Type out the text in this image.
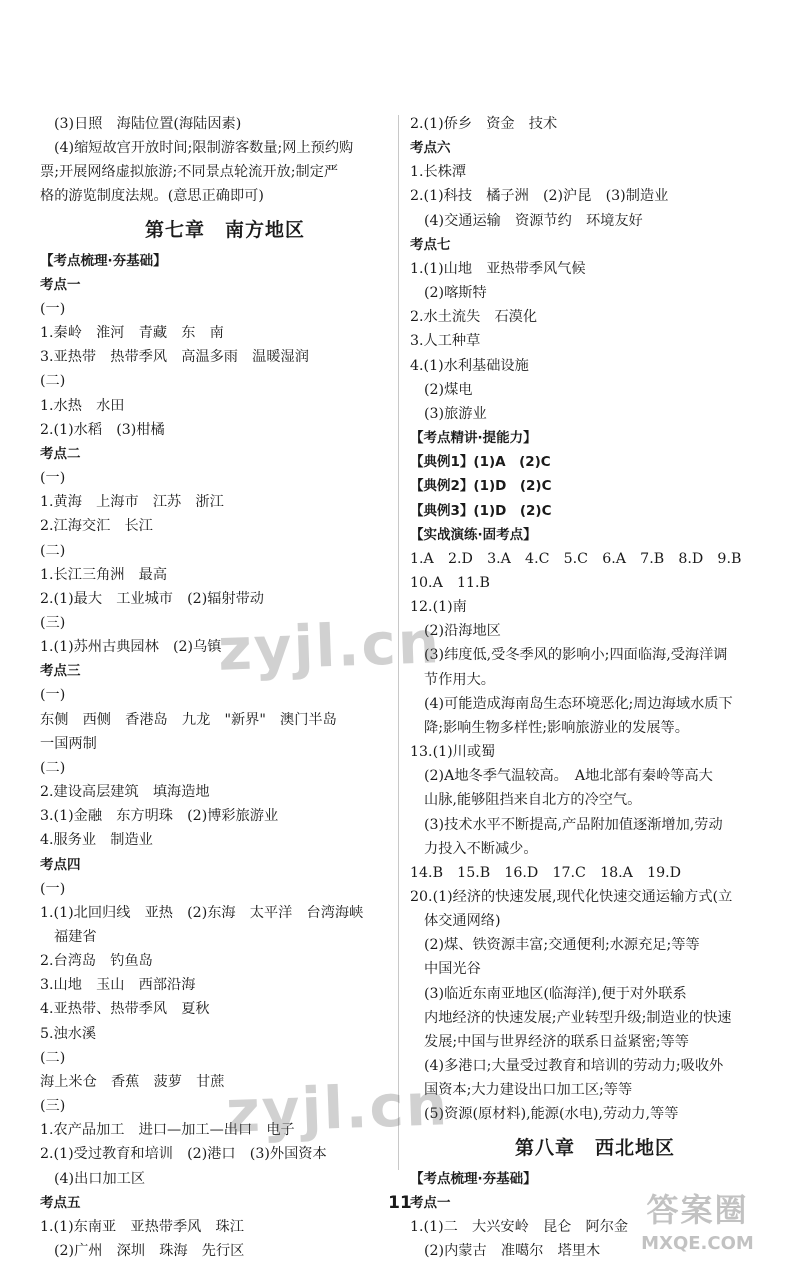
(3)日照　海陆位置(海陆因素)
(4)缩短故宫开放时间;限制游客数量;网上预约购
票;开展网络虚拟旅游;不同景点轮流开放;制定严
格的游览制度法规。(意思正确即可)
第七章　南方地区
【考点梳理·夯基础】
考点一
(一)
1.秦岭　淮河　青藏　东　南
3.亚热带　热带季风　高温多雨　温暖湿润
(二)
1.水热　水田
2.(1)水稻　(3)柑橘
考点二
(一)
1.黄海　上海市　江苏　浙江
2.江海交汇　长江
(二)
1.长江三角洲　最高
2.(1)最大　工业城市　(2)辐射带动
(三)
1.(1)苏州古典园林　(2)乌镇
考点三
(一)
东侧　西侧　香港岛　九龙　"新界"　澳门半岛
一国两制
(二)
2.建设高层建筑　填海造地
3.(1)金融　东方明珠　(2)博彩旅游业
4.服务业　制造业
考点四
(一)
1.(1)北回归线　亚热　(2)东海　太平洋　台湾海峡
福建省
2.台湾岛　钓鱼岛
3.山地　玉山　西部沿海
4.亚热带、热带季风　夏秋
5.浊水溪
(二)
海上米仓　香蕉　菠萝　甘蔗
(三)
1.农产品加工　进口—加工—出口　电子
2.(1)受过教育和培训　(2)港口　(3)外国资本
(4)出口加工区
考点五
1.(1)东南亚　亚热带季风　珠江
(2)广州　深圳　珠海　先行区
2.(1)侨乡　资金　技术
考点六
1.长株潭
2.(1)科技　橘子洲　(2)沪昆　(3)制造业
(4)交通运输　资源节约　环境友好
考点七
1.(1)山地　亚热带季风气候
(2)喀斯特
2.水土流失　石漠化
3.人工种草
4.(1)水利基础设施
(2)煤电
(3)旅游业
【考点精讲·提能力】
【典例1】(1)A　(2)C
【典例2】(1)D　(2)C
【典例3】(1)D　(2)C
【实战演练·固考点】
1.A　2.D　3.A　4.C　5.C　6.A　7.B　8.D　9.B
10.A　11.B
12.(1)南
(2)沿海地区
(3)纬度低,受冬季风的影响小;四面临海,受海洋调
节作用大。
(4)可能造成海南岛生态环境恶化;周边海域水质下
降;影响生物多样性;影响旅游业的发展等。
13.(1)川或蜀
(2)A地冬季气温较高。　A地北部有秦岭等高大
山脉,能够阻挡来自北方的冷空气。
(3)技术水平不断提高,产品附加值逐渐增加,劳动
力投入不断减少。
14.B　15.B　16.D　17.C　18.A　19.D
20.(1)经济的快速发展,现代化快速交通运输方式(立
体交通网络)
(2)煤、铁资源丰富;交通便利;水源充足;等等
中国光谷
(3)临近东南亚地区(临海洋),便于对外联系
内地经济的快速发展;产业转型升级;制造业的快速
发展;中国与世界经济的联系日益紧密;等等
(4)多港口;大量受过教育和培训的劳动力;吸收外
国资本;大力建设出口加工区;等等
(5)资源(原材料),能源(水电),劳动力,等等
第八章　西北地区
【考点梳理·夯基础】
考点一
1.(1)二　大兴安岭　昆仑　阿尔金
(2)内蒙古　准噶尔　塔里木
11
zyjl.cn
zyjl.cn
答案圈
MXQE.COM
